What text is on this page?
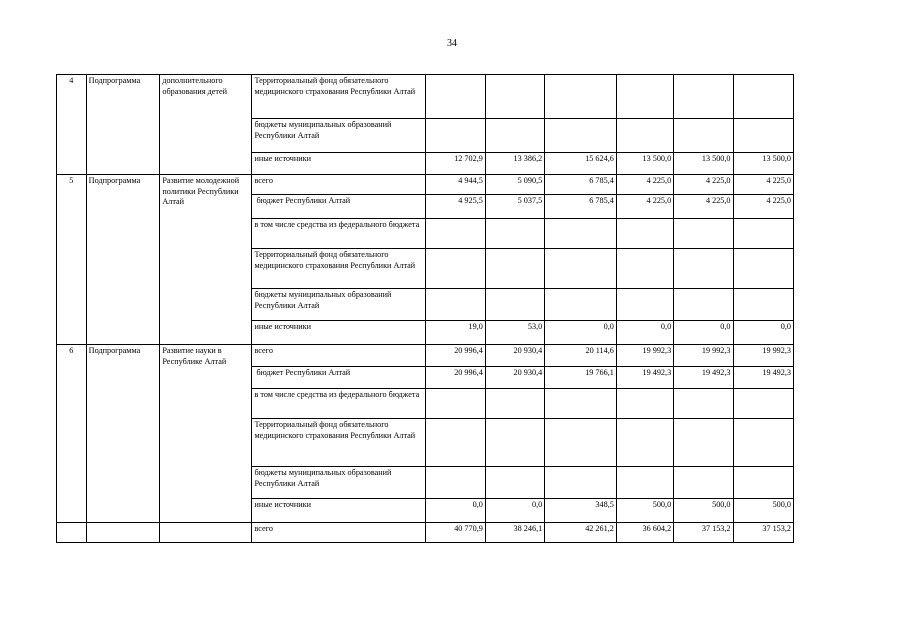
34
4	Подпрограмма	дополнительного образования детей	Территориальный фонд обязательного медицинского страхования Республики Алтай						
			бюджеты муниципальных образований Республики Алтай						
			иные источники	12 702,9	13 386,2	15 624,6	13 500,0	13 500,0	13 500,0
5	Подпрограмма	Развитие молодежной политики Республики Алтай	всего	4 944,5	5 090,5	6 785,4	4 225,0	4 225,0	4 225,0
			бюджет Республики Алтай	4 925,5	5 037,5	6 785,4	4 225,0	4 225,0	4 225,0
			в том числе средства из федерального бюджета						
			Территориальный фонд обязательного медицинского страхования Республики Алтай						
			бюджеты муниципальных образований Республики Алтай						
			иные источники	19,0	53,0	0,0	0,0	0,0	0,0
6	Подпрограмма	Развитие науки в Республике Алтай	всего	20 996,4	20 930,4	20 114,6	19 992,3	19 992,3	19 992,3
			бюджет Республики Алтай	20 996,4	20 930,4	19 766,1	19 492,3	19 492,3	19 492,3
			в том числе средства из федерального бюджета						
			Территориальный фонд обязательного медицинского страхования Республики Алтай						
			бюджеты муниципальных образований Республики Алтай						
			иные источники	0,0	0,0	348,5	500,0	500,0	500,0
			всего	40 770,9	38 246,1	42 261,2	36 604,2	37 153,2	37 153,2
